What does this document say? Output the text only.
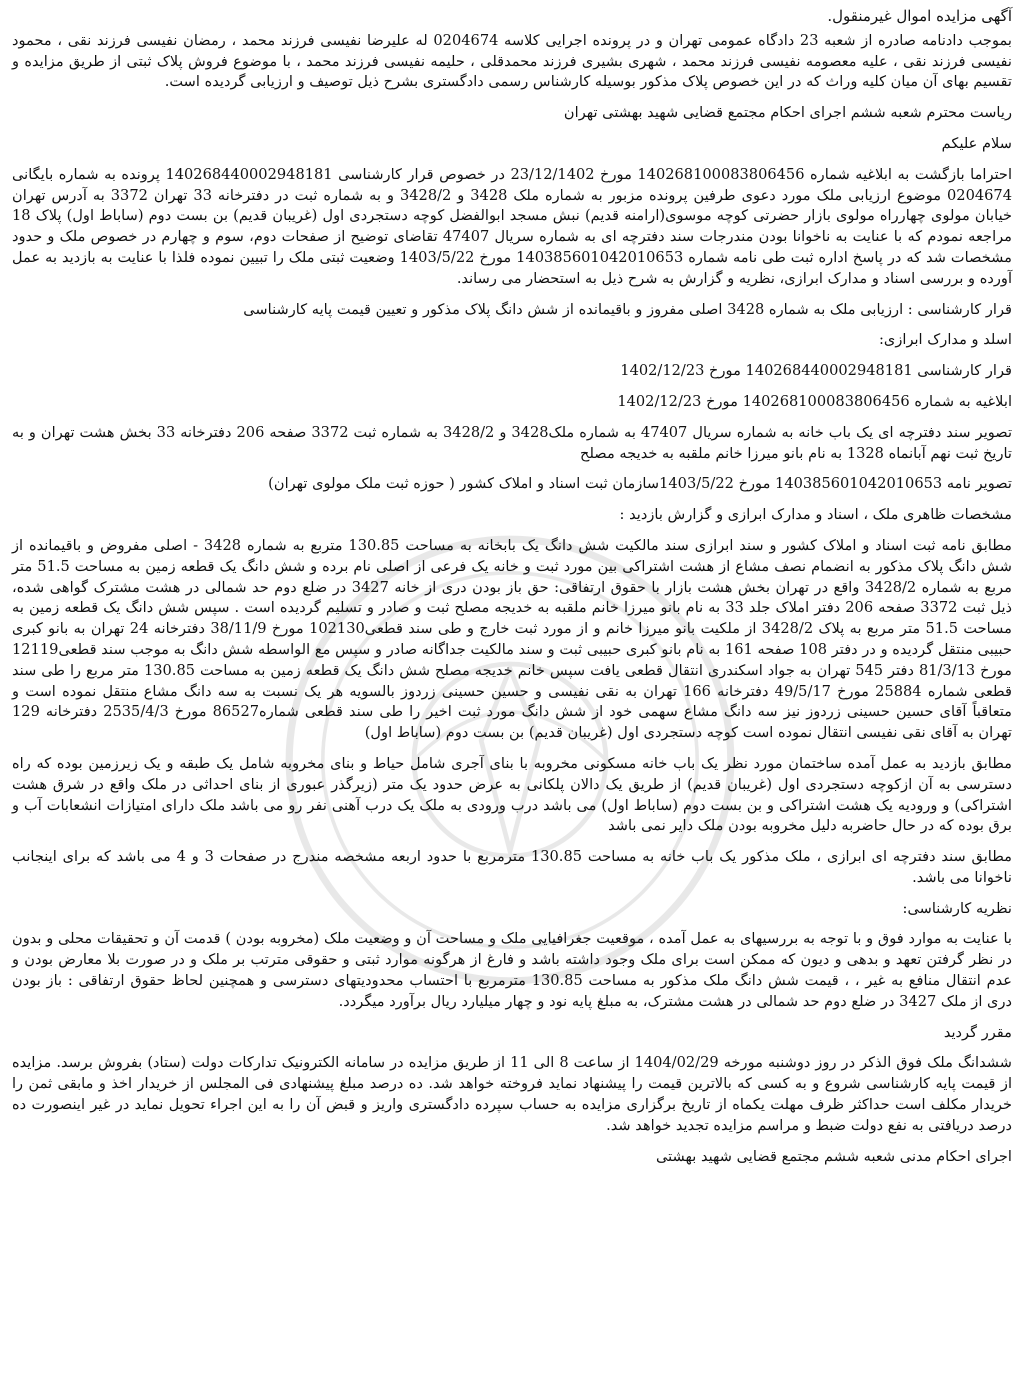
آگهی مزایده اموال غیرمنقول.

بموجب دادنامه صادره از شعبه 23 دادگاه عمومی تهران و در پرونده اجرایی کلاسه 0204674 له علیرضا نفیسی فرزند محمد ، رمضان نفیسی فرزند نقی ، محمود نفیسی فرزند نقی ، علیه معصومه نفیسی فرزند محمد ، شهری بشیری فرزند محمدقلی ، حلیمه نفیسی فرزند محمد ، با موضوع فروش پلاک ثبتی از طریق مزایده و تقسیم بهای آن میان کلیه وراث که در این خصوص پلاک مذکور بوسیله کارشناس رسمی دادگستری بشرح ذیل توصیف و ارزیابی گردیده است.

ریاست محترم شعبه ششم اجرای احکام مجتمع قضایی شهید بهشتی تهران

سلام علیکم

احتراما بازگشت به ابلاغیه شماره 140268100083806456 مورخ 23/12/1402 در خصوص قرار کارشناسی 140268440002948181 پرونده به شماره بایگانی 0204674 موضوع ارزیابی ملک مورد دعوی طرفین پرونده مزبور به شماره ملک 3428 و 3428/2 و به شماره ثبت در دفترخانه 33 تهران 3372 به آدرس تهران خیابان مولوی چهارراه مولوی بازار حضرتی کوچه موسوی(ارامنه قدیم) نبش مسجد ابوالفضل کوچه دستجردی اول (غریبان قدیم) بن بست دوم (ساباط اول) پلاک 18 مراجعه نمودم که با عنایت به ناخوانا بودن مندرجات سند دفترچه ای به شماره سریال 47407 تقاضای توضیح از صفحات دوم، سوم و چهارم در خصوص ملک و حدود مشخصات شد که در پاسخ اداره ثبت طی نامه شماره 140385601042010653 مورخ 1403/5/22 وضعیت ثبتی ملک را تبیین نموده فلذا با عنایت به بازدید به عمل آورده و بررسی اسناد و مدارک ابرازی، نظریه و گزارش به شرح ذیل به استحضار می رساند.

قرار کارشناسی : ارزیابی ملک به شماره 3428 اصلی مفروز و باقیمانده از شش دانگ پلاک مذکور و تعیین قیمت پایه کارشناسی

اسلد و مدارک ابرازی:

قرار کارشناسی 140268440002948181 مورخ 1402/12/23

ابلاغیه به شماره 140268100083806456 مورخ 1402/12/23

تصویر سند دفترچه ای یک باب خانه به شماره سریال 47407 به شماره ملک3428 و 3428/2 به شماره ثبت 3372 صفحه 206 دفترخانه 33 بخش هشت تهران و به تاریخ ثبت نهم آبانماه 1328 به نام بانو میرزا خانم ملقبه به خدیجه مصلح

تصویر نامه 140385601042010653 مورخ 1403/5/22سازمان ثبت اسناد و املاک کشور ( حوزه ثبت ملک مولوی تهران)

مشخصات ظاهری ملک ، اسناد و مدارک ابرازی و گزارش بازدید :

مطابق نامه ثبت اسناد و املاک کشور و سند ابرازی سند مالکیت شش دانگ یک بابخانه به مساحت 130.85 متربع به شماره 3428 - اصلی مفروض و باقیمانده از شش دانگ پلاک مذکور به انضمام نصف مشاع از هشت اشتراکی بین مورد ثبت و خانه یک فرعی از اصلی نام برده و شش دانگ یک قطعه زمین به مساحت 51.5 متر مربع به شماره 3428/2 واقع در تهران بخش هشت بازار با حقوق ارتفاقی: حق باز بودن دری از خانه 3427 در ضلع دوم حد شمالی در هشت مشترک گواهی شده، ذیل ثبت 3372 صفحه 206 دفتر املاک جلد 33 به نام بانو میرزا خانم ملقبه به خدیجه مصلح ثبت و صادر و تسلیم گردیده است . سپس شش دانگ یک قطعه زمین به مساحت 51.5 متر مربع به پلاک 3428/2 از ملکیت بانو میرزا خانم و از مورد ثبت خارج و طی سند قطعی102130 مورخ 38/11/9 دفترخانه 24 تهران به بانو کبری حبیبی منتقل گردیده و در دفتر 108 صفحه 161 به نام بانو کبری حبیبی ثبت و سند مالکیت جداگانه صادر و سپس مع الواسطه شش دانگ به موجب سند قطعی12119 مورخ 81/3/13 دفتر 545 تهران به جواد اسکندری انتقال قطعی یافت سپس خانم خدیجه مصلح شش دانگ یک قطعه زمین به مساحت 130.85 متر مربع را طی سند قطعی شماره 25884 مورخ 49/5/17 دفترخانه 166 تهران به نقی نفیسی و حسین حسینی زردوز بالسویه هر یک نسبت به سه دانگ مشاع منتقل نموده است و متعاقباً آقای حسین حسینی زردوز نیز سه دانگ مشاع سهمی خود از شش دانگ مورد ثبت اخیر را طی سند قطعی شماره86527 مورخ 2535/4/3 دفترخانه 129 تهران به آقای نقی نفیسی انتقال نموده است کوچه دستجردی اول (غریبان قدیم) بن بست دوم (ساباط اول)

مطابق بازدید به عمل آمده ساختمان مورد نظر یک باب خانه مسکونی مخروبه با بنای آجری شامل حیاط و بنای مخروبه شامل یک طبقه و یک زیرزمین بوده که راه دسترسی به آن ازکوچه دستجردی اول (غریبان قدیم) از طریق یک دالان پلکانی به عرض حدود یک متر (زیرگذر عبوری از بنای احداثی در ملک واقع در شرق هشت اشتراکی) و ورودیه یک هشت اشتراکی و بن بست دوم (ساباط اول) می باشد درب ورودی به ملک یک درب آهنی نفر رو می باشد ملک دارای امتیازات انشعابات آب و برق بوده که در حال حاضربه دلیل مخروبه بودن ملک دایر نمی باشد

مطابق سند دفترچه ای ابرازی ، ملک مذکور یک باب خانه به مساحت 130.85 مترمربع با حدود اربعه مشخصه مندرج در صفحات 3 و 4 می باشد که برای اینجانب ناخوانا می باشد.

نظریه کارشناسی:

با عنایت به موارد فوق و با توجه به بررسیهای به عمل آمده ، موقعیت جغرافیایی ملک و مساحت آن و وضعیت ملک (مخروبه بودن ) قدمت آن و تحقیقات محلی و بدون در نظر گرفتن تعهد و بدهی و دیون که ممکن است برای ملک وجود داشته باشد و فارغ از هرگونه موارد ثبتی و حقوقی مترتب بر ملک و در صورت بلا معارض بودن و عدم انتقال منافع به غیر ، ، قیمت شش دانگ ملک مذکور به مساحت 130.85 مترمربع با احتساب محدودیتهای دسترسی و همچنین لحاظ حقوق ارتفاقی : باز بودن دری از ملک 3427 در ضلع دوم حد شمالی در هشت مشترک، به مبلغ پایه نود و چهار میلیارد ریال برآورد میگردد.

مقرر گردید

ششدانگ ملک فوق الذکر در روز دوشنبه مورخه 1404/02/29 از ساعت 8 الی 11 از طریق مزایده در سامانه الکترونیک تدارکات دولت (ستاد) بفروش برسد. مزایده از قیمت پایه کارشناسی شروع و به کسی که بالاترین قیمت را پیشنهاد نماید فروخته خواهد شد. ده درصد مبلغ پیشنهادی فی المجلس از خریدار اخذ و مابقی ثمن را خریدار مکلف است حداکثر ظرف مهلت یکماه از تاریخ برگزاری مزایده به حساب سپرده دادگستری واریز و قبض آن را به این اجراء تحویل نماید در غیر اینصورت ده درصد دریافتی به نفع دولت ضبط و مراسم مزایده تجدید خواهد شد.

اجرای احکام مدنی شعبه ششم مجتمع قضایی شهید بهشتی
